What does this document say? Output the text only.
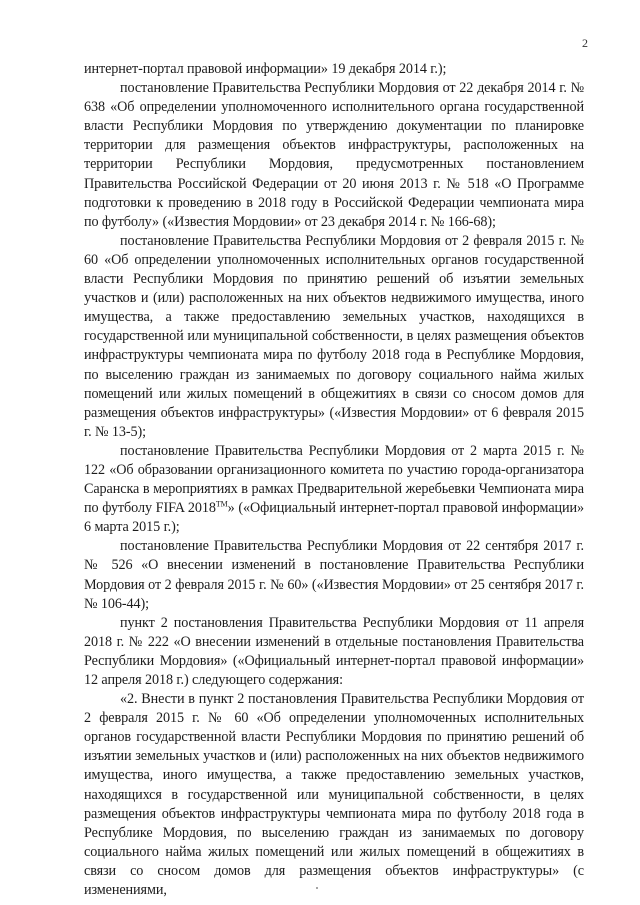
2

интернет-портал правовой информации» 19 декабря 2014 г.);

постановление Правительства Республики Мордовия от 22 декабря 2014 г. № 638 «Об определении уполномоченного исполнительного органа государственной власти Республики Мордовия по утверждению документации по планировке территории для размещения объектов инфраструктуры, расположенных на территории Республики Мордовия, предусмотренных постановлением Правительства Российской Федерации от 20 июня 2013 г. № 518 «О Программе подготовки к проведению в 2018 году в Российской Федерации чемпионата мира по футболу» («Известия Мордовии» от 23 декабря 2014 г. № 166-68);

постановление Правительства Республики Мордовия от 2 февраля 2015 г. № 60 «Об определении уполномоченных исполнительных органов государственной власти Республики Мордовия по принятию решений об изъятии земельных участков и (или) расположенных на них объектов недвижимого имущества, иного имущества, а также предоставлению земельных участков, находящихся в государственной или муниципальной собственности, в целях размещения объектов инфраструктуры чемпионата мира по футболу 2018 года в Республике Мордовия, по выселению граждан из занимаемых по договору социального найма жилых помещений или жилых помещений в общежитиях в связи со сносом домов для размещения объектов инфраструктуры» («Известия Мордовии» от 6 февраля 2015 г. № 13-5);

постановление Правительства Республики Мордовия от 2 марта 2015 г. № 122 «Об образовании организационного комитета по участию города-организатора Саранска в мероприятиях в рамках Предварительной жеребьевки Чемпионата мира по футболу FIFA 2018™» («Официальный интернет-портал правовой информации» 6 марта 2015 г.);

постановление Правительства Республики Мордовия от 22 сентября 2017 г. № 526 «О внесении изменений в постановление Правительства Республики Мордовия от 2 февраля 2015 г. № 60» («Известия Мордовии» от 25 сентября 2017 г. № 106-44);

пункт 2 постановления Правительства Республики Мордовия от 11 апреля 2018 г. № 222 «О внесении изменений в отдельные постановления Правительства Республики Мордовия» («Официальный интернет-портал правовой информации» 12 апреля 2018 г.) следующего содержания:

«2. Внести в пункт 2 постановления Правительства Республики Мордовия от 2 февраля 2015 г. № 60 «Об определении уполномоченных исполнительных органов государственной власти Республики Мордовия по принятию решений об изъятии земельных участков и (или) расположенных на них объектов недвижимого имущества, иного имущества, а также предоставлению земельных участков, находящихся в государственной или муниципальной собственности, в целях размещения объектов инфраструктуры чемпионата мира по футболу 2018 года в Республике Мордовия, по выселению граждан из занимаемых по договору социального найма жилых помещений или жилых помещений в общежитиях в связи со сносом домов для размещения объектов инфраструктуры» (с изменениями,
